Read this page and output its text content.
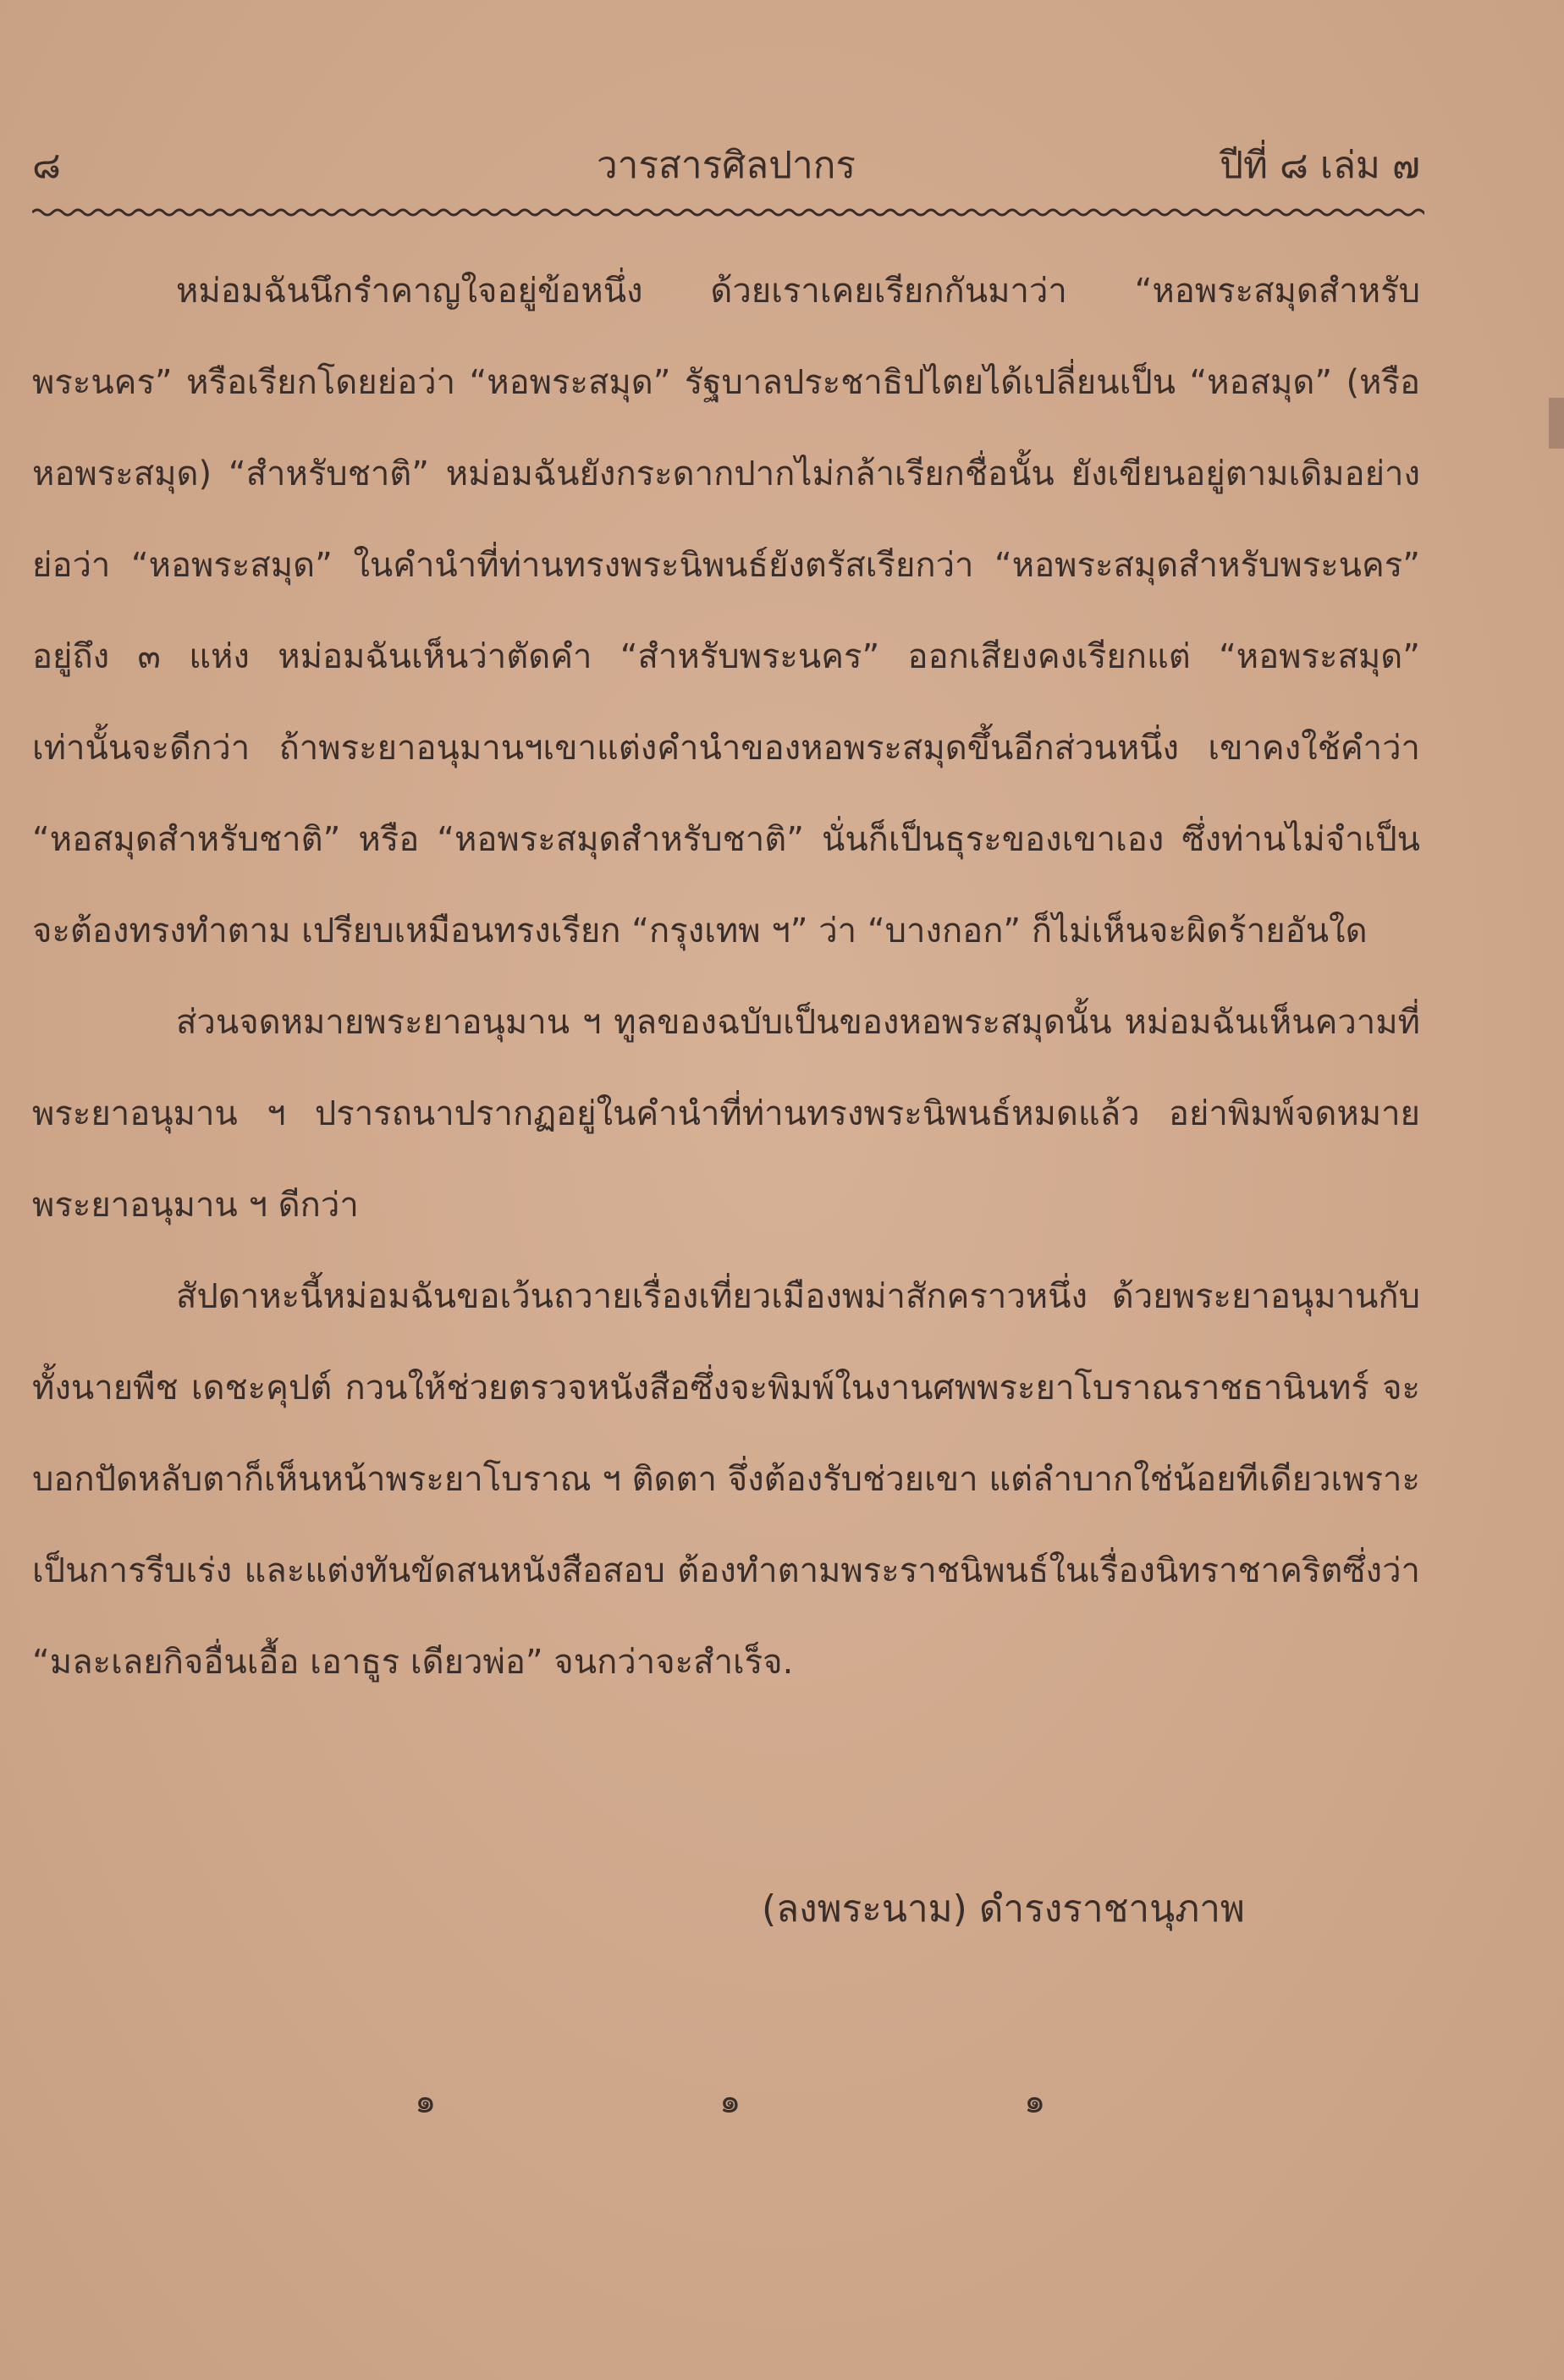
๘	วารสารศิลปากร	ปีที่ ๘ เล่ม ๗

หม่อมฉันนึกรำคาญใจอยู่ข้อหนึ่ง ด้วยเราเคยเรียกกันมาว่า “หอพระสมุดสำหรับพระนคร” หรือเรียกโดยย่อว่า “หอพระสมุด” รัฐบาลประชาธิปไตยได้เปลี่ยนเป็น “หอสมุด” (หรือหอพระสมุด) “สำหรับชาติ” หม่อมฉันยังกระดากปากไม่กล้าเรียกชื่อนั้น ยังเขียนอยู่ตามเดิมอย่างย่อว่า “หอพระสมุด” ในคำนำที่ท่านทรงพระนิพนธ์ยังตรัสเรียกว่า “หอพระสมุดสำหรับพระนคร” อยู่ถึง ๓ แห่ง หม่อมฉันเห็นว่าตัดคำ “สำหรับพระนคร” ออกเสียงคงเรียกแต่ “หอพระสมุด” เท่านั้นจะดีกว่า ถ้าพระยาอนุมานฯเขาแต่งคำนำของหอพระสมุดขึ้นอีกส่วนหนึ่ง เขาคงใช้คำว่า “หอสมุดสำหรับชาติ” หรือ “หอพระสมุดสำหรับชาติ” นั่นก็เป็นธุระของเขาเอง ซึ่งท่านไม่จำเป็นจะต้องทรงทำตาม เปรียบเหมือนทรงเรียก “กรุงเทพ ฯ” ว่า “บางกอก” ก็ไม่เห็นจะผิดร้ายอันใด

ส่วนจดหมายพระยาอนุมาน ฯ ทูลของฉบับเป็นของหอพระสมุดนั้น หม่อมฉันเห็นความที่พระยาอนุมาน ฯ ปรารถนาปรากฏอยู่ในคำนำที่ท่านทรงพระนิพนธ์หมดแล้ว อย่าพิมพ์จดหมายพระยาอนุมาน ฯ ดีกว่า

สัปดาหะนี้หม่อมฉันขอเว้นถวายเรื่องเที่ยวเมืองพม่าสักคราวหนึ่ง ด้วยพระยาอนุมานกับทั้งนายพืช เดชะคุปต์ กวนให้ช่วยตรวจหนังสือซึ่งจะพิมพ์ในงานศพพระยาโบราณราชธานินทร์ จะบอกปัดหลับตาก็เห็นหน้าพระยาโบราณ ฯ ติดตา จึ่งต้องรับช่วยเขา แต่ลำบากใช่น้อยทีเดียวเพราะเป็นการรีบเร่ง และแต่งทันขัดสนหนังสือสอบ ต้องทำตามพระราชนิพนธ์ในเรื่องนิทราชาคริตซึ่งว่า “มละเลยกิจอื่นเอื้อ เอาธูร เดียวพ่อ” จนกว่าจะสำเร็จ.

(ลงพระนาม) ดำรงราชานุภาพ
๑	๑	๑
